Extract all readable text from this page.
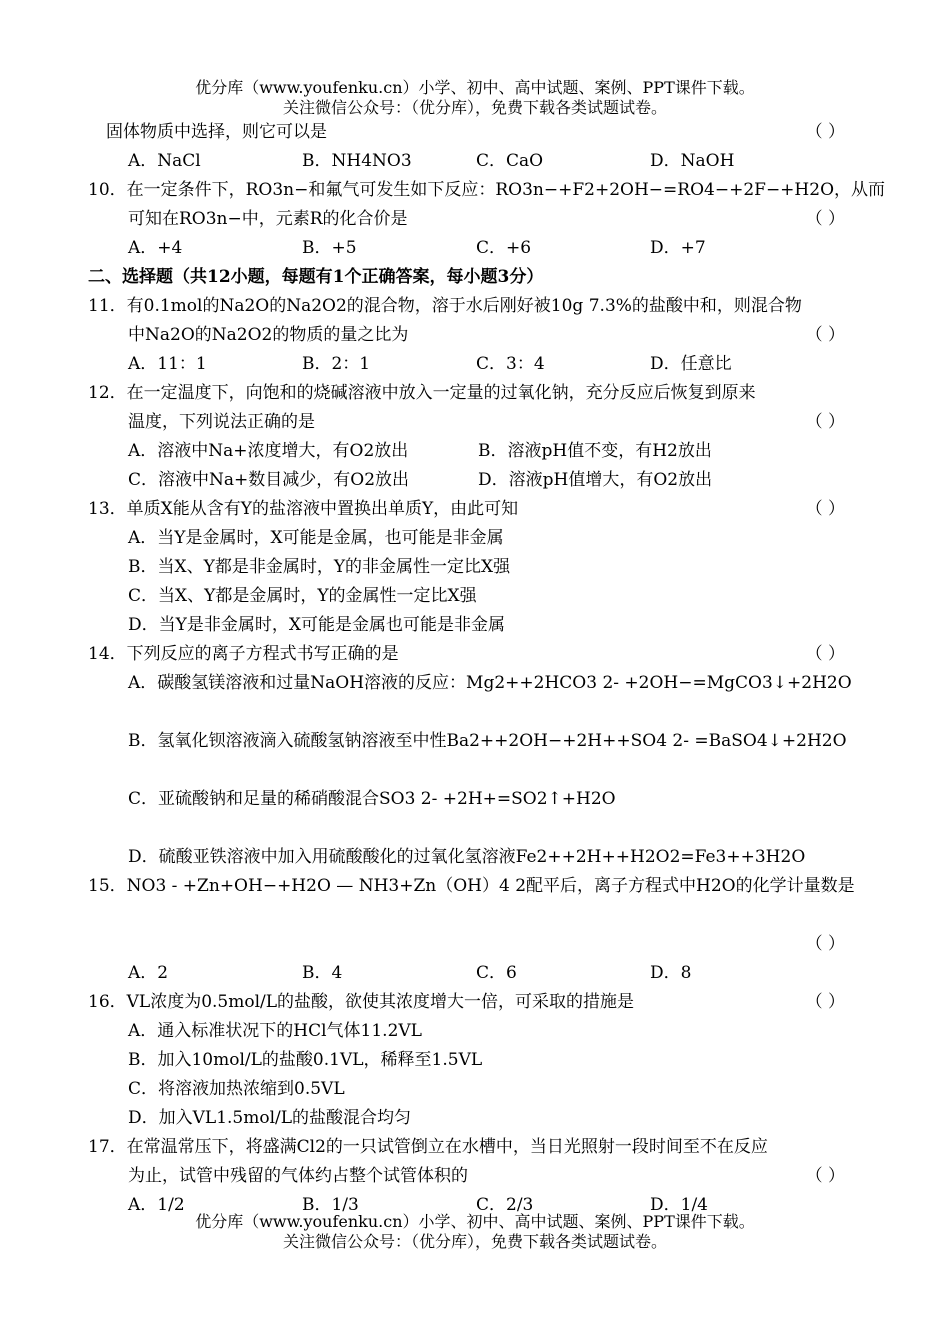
优分库（www.youfenku.cn）小学、初中、高中试题、案例、PPT课件下载。
关注微信公众号：（优分库），免费下载各类试题试卷。
固体物质中选择，则它可以是	（ ）
A．NaCl	B．NH4NO3	C．CaO	D．NaOH
10．在一定条件下，RO3n−和氟气可发生如下反应：RO3n−+F2+2OH−=RO4−+2F−+H2O，从而
可知在RO3n−中，元素R的化合价是	（ ）
A．+4	B．+5	C．+6	D．+7
二、选择题（共12小题，每题有1个正确答案，每小题3分）
11．有0.1mol的Na2O的Na2O2的混合物，溶于水后刚好被10g 7.3%的盐酸中和，则混合物
中Na2O的Na2O2的物质的量之比为	（ ）
A．11：1	B．2：1	C．3：4	D．任意比
12．在一定温度下，向饱和的烧碱溶液中放入一定量的过氧化钠，充分反应后恢复到原来
温度，下列说法正确的是	（ ）
A．溶液中Na+浓度增大，有O2放出	B．溶液pH值不变，有H2放出
C．溶液中Na+数目减少，有O2放出	D．溶液pH值增大，有O2放出
13．单质X能从含有Y的盐溶液中置换出单质Y，由此可知	（ ）
A．当Y是金属时，X可能是金属，也可能是非金属
B．当X、Y都是非金属时，Y的非金属性一定比X强
C．当X、Y都是金属时，Y的金属性一定比X强
D．当Y是非金属时，X可能是金属也可能是非金属
14．下列反应的离子方程式书写正确的是	（ ）
A．碳酸氢镁溶液和过量NaOH溶液的反应：Mg2++2HCO3 2- +2OH−=MgCO3↓+2H2O
B．氢氧化钡溶液滴入硫酸氢钠溶液至中性Ba2++2OH−+2H++SO4 2- =BaSO4↓+2H2O
C．亚硫酸钠和足量的稀硝酸混合SO3 2- +2H+=SO2↑+H2O
D．硫酸亚铁溶液中加入用硫酸酸化的过氧化氢溶液Fe2++2H++H2O2=Fe3++3H2O
15．NO3 - +Zn+OH−+H2O — NH3+Zn（OH）4 2配平后，离子方程式中H2O的化学计量数是
（ ）
A．2	B．4	C．6	D．8
16．VL浓度为0.5mol/L的盐酸，欲使其浓度增大一倍，可采取的措施是	（ ）
A．通入标准状况下的HCl气体11.2VL
B．加入10mol/L的盐酸0.1VL，稀释至1.5VL
C．将溶液加热浓缩到0.5VL
D．加入VL1.5mol/L的盐酸混合均匀
17．在常温常压下，将盛满Cl2的一只试管倒立在水槽中，当日光照射一段时间至不在反应
为止，试管中残留的气体约占整个试管体积的	（ ）
A．1/2	B．1/3	C．2/3	D．1/4
优分库（www.youfenku.cn）小学、初中、高中试题、案例、PPT课件下载。
关注微信公众号：（优分库），免费下载各类试题试卷。
